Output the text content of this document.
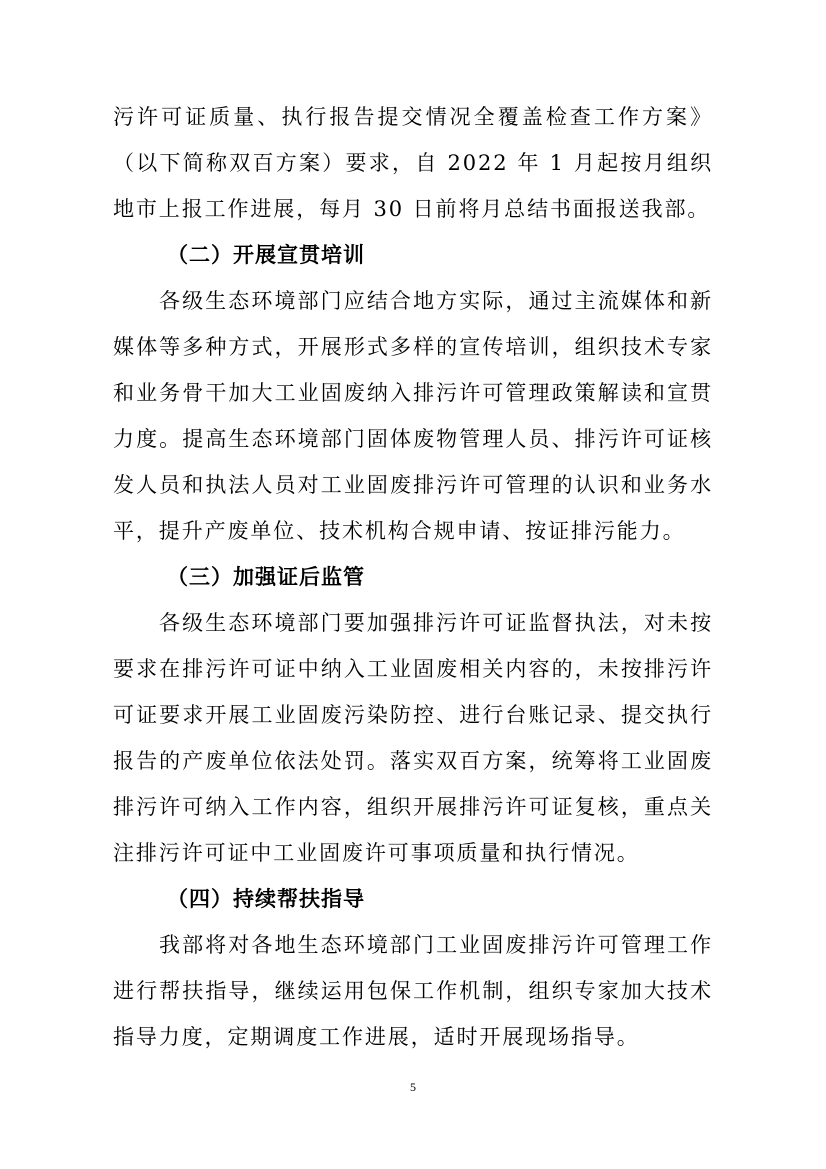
污许可证质量、执行报告提交情况全覆盖检查工作方案》（以下简称双百方案）要求，自 2022 年 1 月起按月组织地市上报工作进展，每月 30 日前将月总结书面报送我部。

（二）开展宣贯培训

各级生态环境部门应结合地方实际，通过主流媒体和新媒体等多种方式，开展形式多样的宣传培训，组织技术专家和业务骨干加大工业固废纳入排污许可管理政策解读和宣贯力度。提高生态环境部门固体废物管理人员、排污许可证核发人员和执法人员对工业固废排污许可管理的认识和业务水平，提升产废单位、技术机构合规申请、按证排污能力。

（三）加强证后监管

各级生态环境部门要加强排污许可证监督执法，对未按要求在排污许可证中纳入工业固废相关内容的，未按排污许可证要求开展工业固废污染防控、进行台账记录、提交执行报告的产废单位依法处罚。落实双百方案，统筹将工业固废排污许可纳入工作内容，组织开展排污许可证复核，重点关注排污许可证中工业固废许可事项质量和执行情况。

（四）持续帮扶指导

我部将对各地生态环境部门工业固废排污许可管理工作进行帮扶指导，继续运用包保工作机制，组织专家加大技术指导力度，定期调度工作进展，适时开展现场指导。

5
